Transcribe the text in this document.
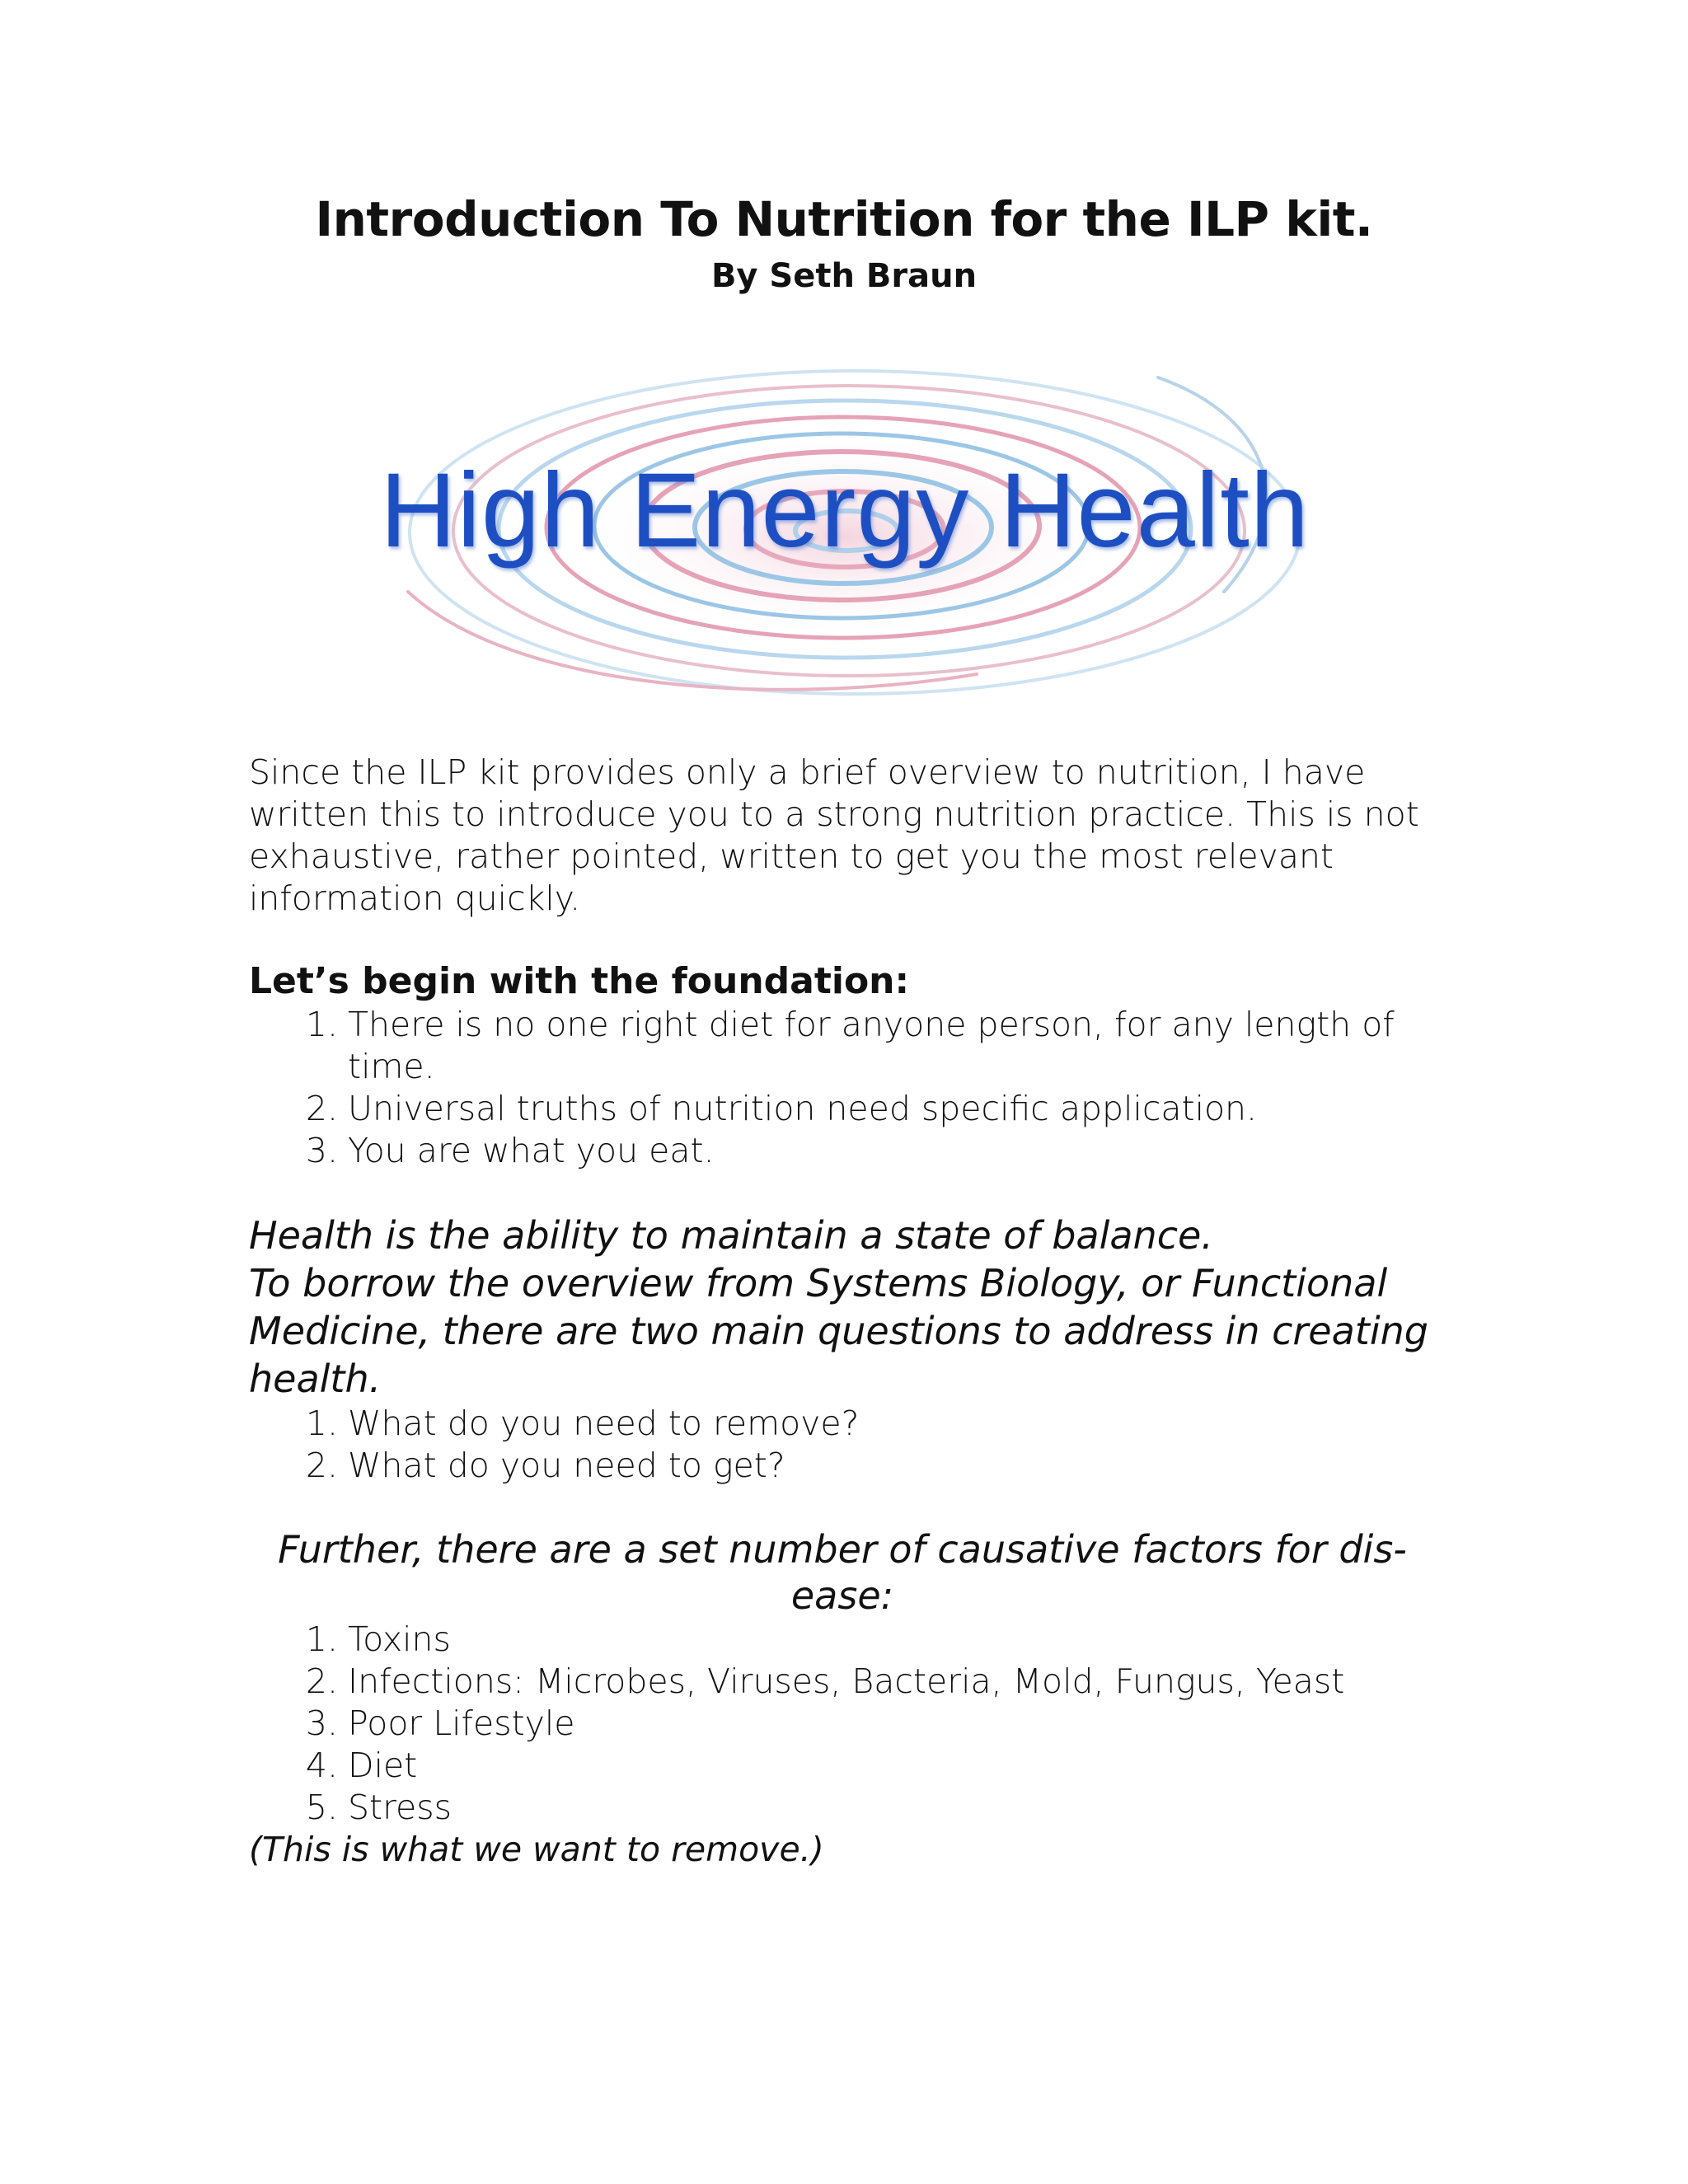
Introduction To Nutrition for the ILP kit.
By Seth Braun
High Energy Health

Since the ILP kit provides only a brief overview to nutrition, I have written this to introduce you to a strong nutrition practice. This is not exhaustive, rather pointed, written to get you the most relevant information quickly.

Let’s begin with the foundation:
1. There is no one right diet for anyone person, for any length of time.
2. Universal truths of nutrition need specific application.
3. You are what you eat.
Health is the ability to maintain a state of balance.
To borrow the overview from Systems Biology, or Functional Medicine, there are two main questions to address in creating health.
1. What do you need to remove?
2. What do you need to get?
Further, there are a set number of causative factors for dis-ease:
1. Toxins
2. Infections: Microbes, Viruses, Bacteria, Mold, Fungus, Yeast
3. Poor Lifestyle
4. Diet
5. Stress

(This is what we want to remove.)
